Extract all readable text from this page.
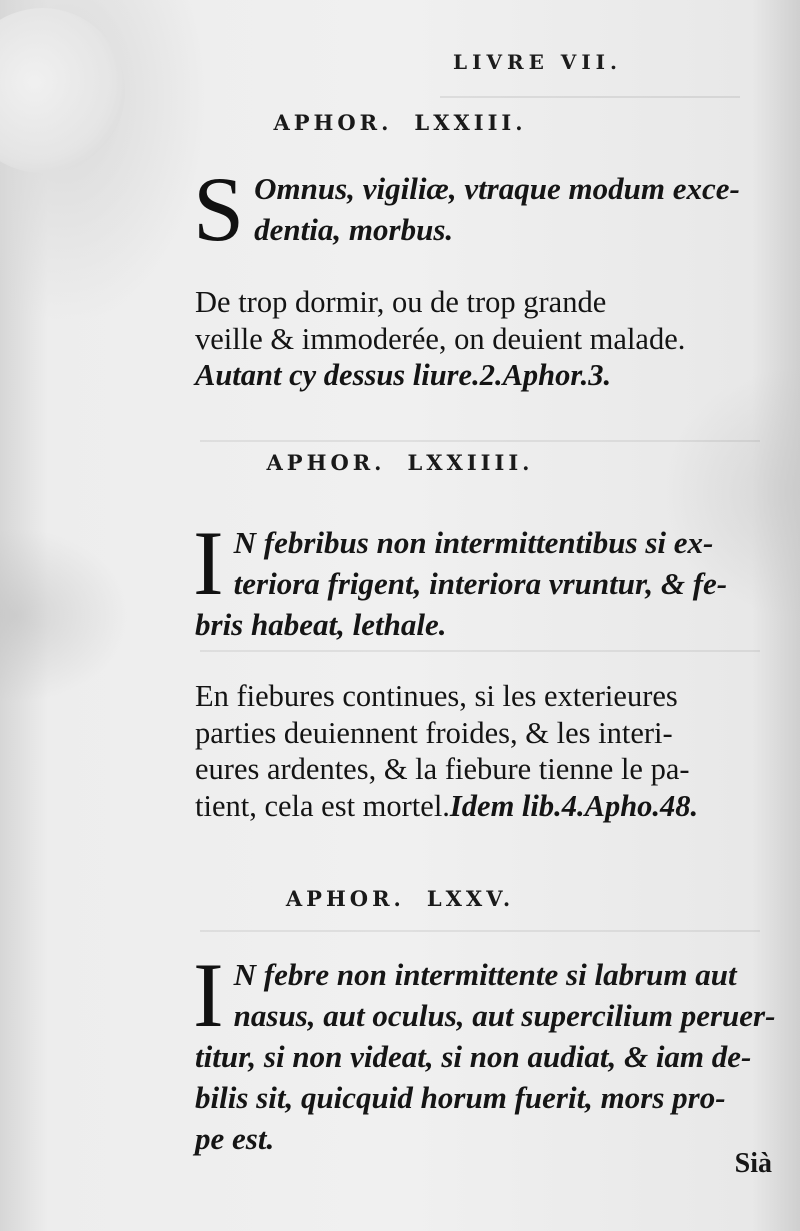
LIVRE VII.
APHOR. LXXIII.
S Omnus, vigiliæ, vtraque modum exce-
dentia, morbus.
De trop dormir, ou de trop grande
veille & immoderée, on deuient malade.
Autant cy dessus liure.2.Aphor.3.
APHOR. LXXIIII.
I N febribus non intermittentibus si ex-
teriora frigent, interiora vruntur, & fe-
bris habeat, lethale.
En fiebures continues, si les exterieures
parties deuiennent froides, & les interi-
eures ardentes, & la fiebure tienne le pa-
tient, cela est mortel.Idem lib.4.Apho.48.
APHOR. LXXV.
I N febre non intermittente si labrum aut
nasus, aut oculus, aut supercilium peruer-
titur, si non videat, si non audiat, & iam de-
bilis sit, quicquid horum fuerit, mors pro-
pe est.
Sià
